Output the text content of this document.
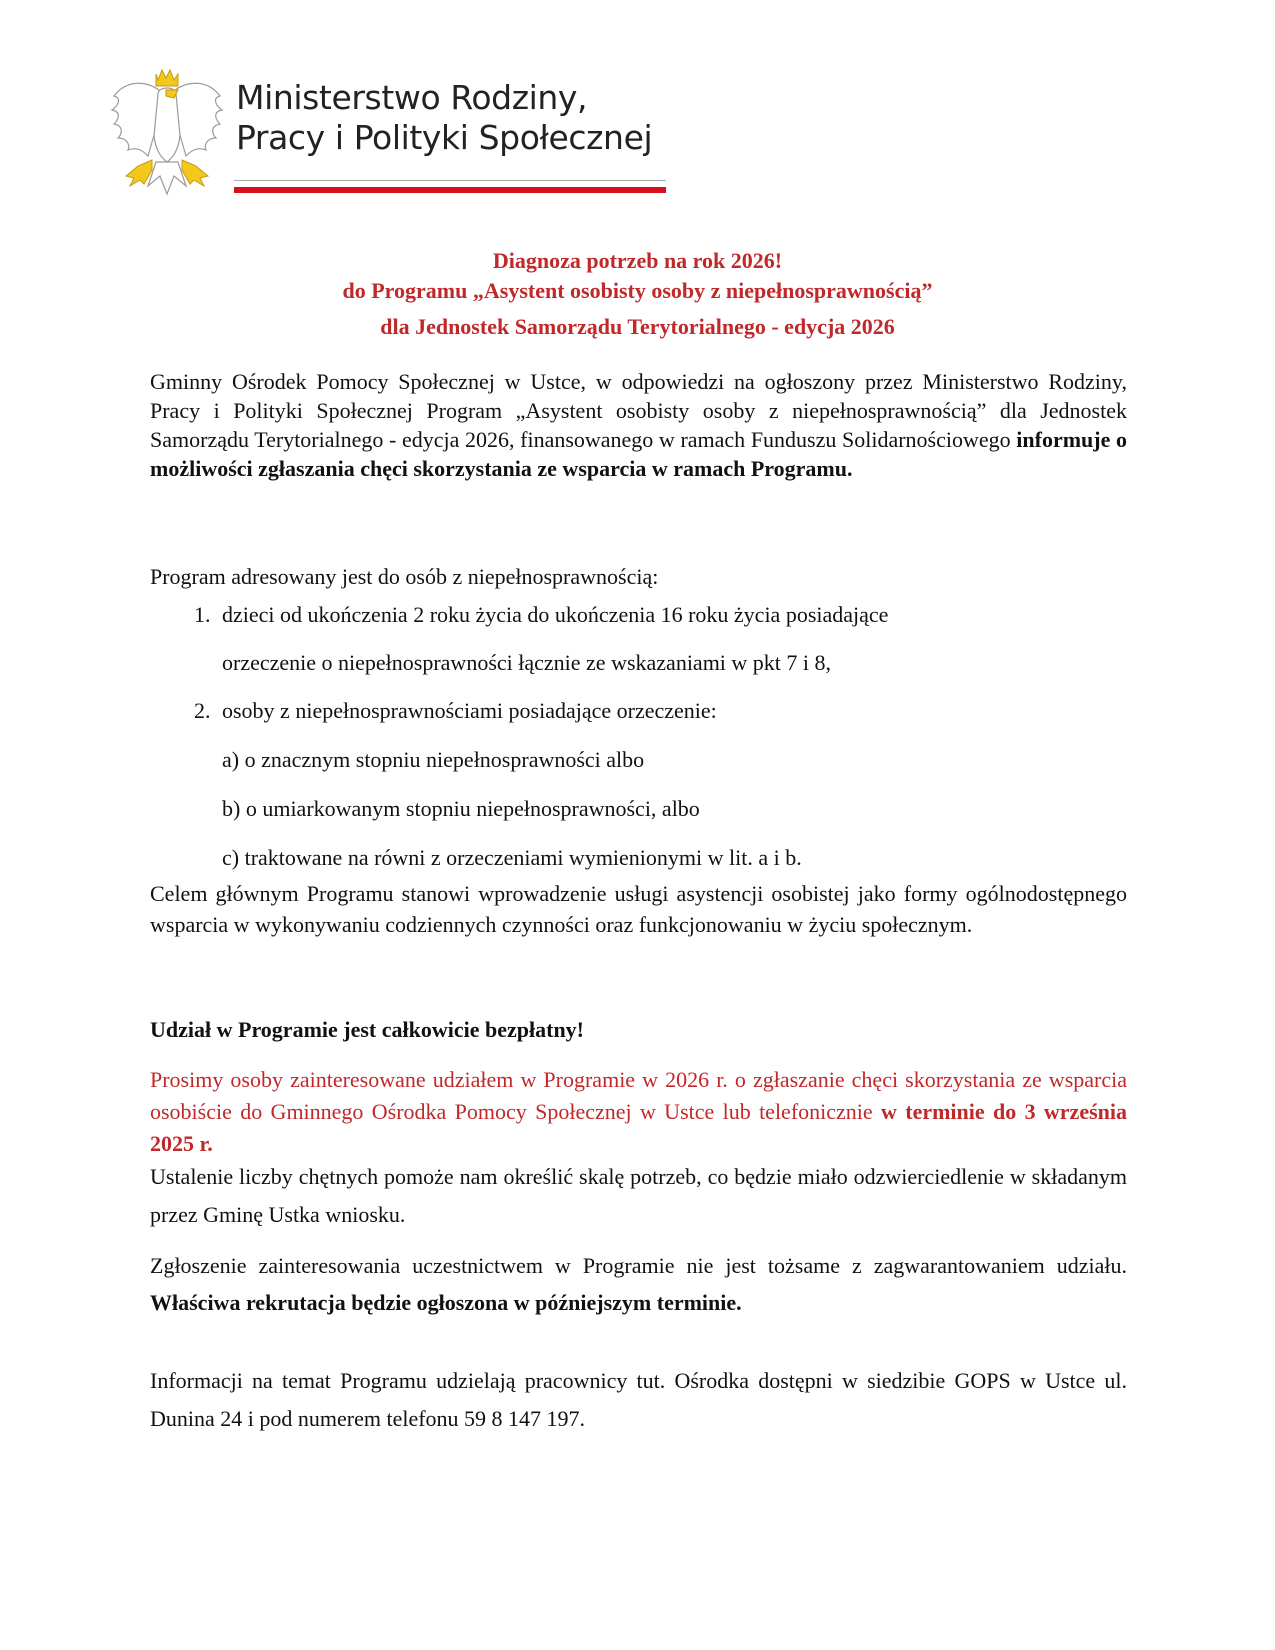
Ministerstwo Rodziny,
Pracy i Polityki Społecznej
Diagnoza potrzeb na rok 2026!
do Programu „Asystent osobisty osoby z niepełnosprawnością”
dla Jednostek Samorządu Terytorialnego - edycja 2026
Gminny Ośrodek Pomocy Społecznej w Ustce, w odpowiedzi na ogłoszony przez Ministerstwo Rodziny, Pracy i Polityki Społecznej Program „Asystent osobisty osoby z niepełnosprawnością” dla Jednostek Samorządu Terytorialnego - edycja 2026, finansowanego w ramach Funduszu Solidarnościowego informuje o możliwości zgłaszania chęci skorzystania ze wsparcia w ramach Programu.
Program adresowany jest do osób z niepełnosprawnością:
1. dzieci od ukończenia 2 roku życia do ukończenia 16 roku życia posiadające
orzeczenie o niepełnosprawności łącznie ze wskazaniami w pkt 7 i 8,
2. osoby z niepełnosprawnościami posiadające orzeczenie:
a) o znacznym stopniu niepełnosprawności albo
b) o umiarkowanym stopniu niepełnosprawności, albo
c) traktowane na równi z orzeczeniami wymienionymi w lit. a i b.

Celem głównym Programu stanowi wprowadzenie usługi asystencji osobistej jako formy ogólnodostępnego wsparcia w wykonywaniu codziennych czynności oraz funkcjonowaniu w życiu społecznym.

Udział w Programie jest całkowicie bezpłatny!

Prosimy osoby zainteresowane udziałem w Programie w 2026 r. o zgłaszanie chęci skorzystania ze wsparcia osobiście do Gminnego Ośrodka Pomocy Społecznej w Ustce lub telefonicznie w terminie do 3 września 2025 r.

Ustalenie liczby chętnych pomoże nam określić skalę potrzeb, co będzie miało odzwierciedlenie w składanym przez Gminę Ustka wniosku.

Zgłoszenie zainteresowania uczestnictwem w Programie nie jest tożsame z zagwarantowaniem udziału. Właściwa rekrutacja będzie ogłoszona w późniejszym terminie.

Informacji na temat Programu udzielają pracownicy tut. Ośrodka dostępni w siedzibie GOPS w Ustce ul. Dunina 24 i pod numerem telefonu 59 8 147 197.
